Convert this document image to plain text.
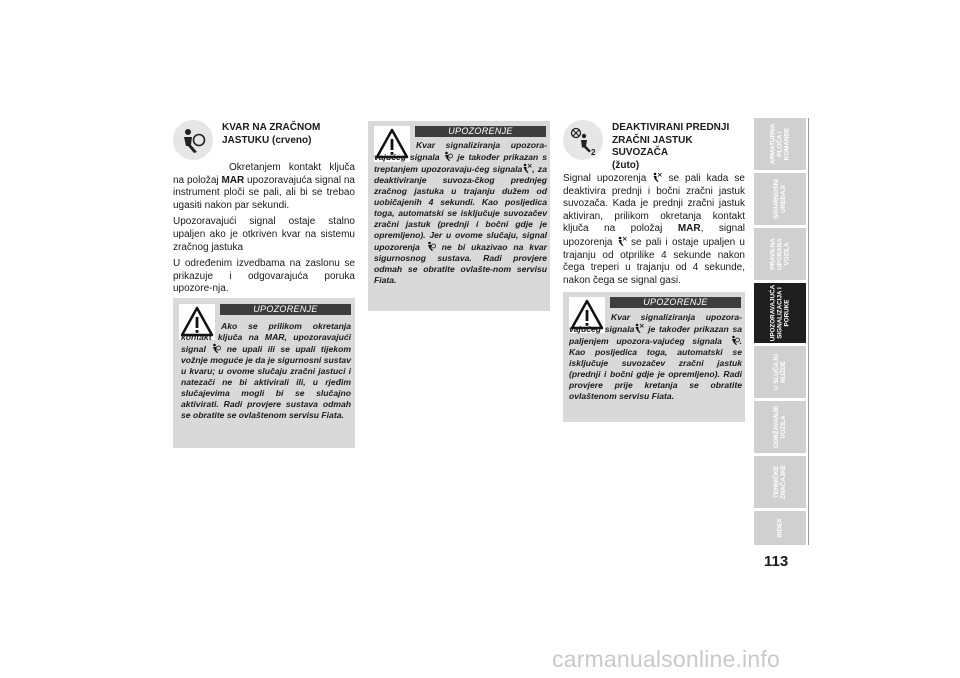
KVAR NA ZRAČNOM
JASTUKU (crveno)

Okretanjem kontakt ključa na položaj MAR upozoravajuća signal na instrument ploči se pali, ali bi se trebao ugasiti nakon par sekundi.

Upozoravajući signal ostaje stalno upaljen ako je otkriven kvar na sistemu zračnog jastuka

U određenim izvedbama na zaslonu se prikazuje i odgovarajuća poruka upozore-nja.

UPOZORENJE
Ako se prilikom okretanja kontakt ključa na MAR, upozoravajući signal  ne upali ili se upali tijekom vožnje moguće je da je sigurnosni sustav u kvaru; u ovome slučaju zračni jastuci i natezači ne bi aktivirali ili, u rjeđim slučajevima mogli bi se slučajno aktivirati. Radi provjere sustava odmah se obratite se ovlaštenom servisu Fiata.
UPOZORENJE
Kvar signaliziranja upozora-vajućeg signala  je također prikazan s treptanjem upozoravaju-ćeg signala , za deaktiviranje suvoza-čkog prednjeg zračnog jastuka u trajanju dužem od uobičajenih 4 sekundi. Kao posljedica toga, automatski se isključuje suvozačev zračni jastuk (prednji i bočni gdje je opremljeno). Jer u ovome slučaju, signal upozorenja  ne bi ukazivao na kvar sigurnosnog sustava. Radi provjere odmah se obratite ovlašte-nom servisu Fiata.
2
DEAKTIVIRANI PREDNJI
ZRAČNI JASTUK
SUVOZAČA
(žuto)

Signal upozorenja  se pali kada se deaktivira prednji i bočni zračni jastuk suvozača. Kada je prednji zračni jastuk aktiviran, prilikom okretanja kontakt ključa na položaj MAR, signal upozorenja  se pali i ostaje upaljen u trajanju od otprilike 4 sekunde nakon čega treperi u trajanju od 4 sekunde, nakon čega se signal gasi.

UPOZORENJE
Kvar signaliziranja upozora-vajućeg signala je također prikazan sa paljenjem upozora-vajućeg signala . Kao posljedica toga, automatski se isključuje suvozačev zračni jastuk (prednji i bočni gdje je opremljeno). Radi provjere prije kretanja se obratite ovlaštenom servisu Fiata.
ARMATURNA
PLOČA I
KOMANDE
SIGURNOSNI
UREĐAJI
PRAVILNA
UPORABA
VOZILA
UPOZORAVAJUĆA
SIGNALIZACIJA I
PORUKE
U SLUČAJU
NUŽDE
ODRŽAVANJE
VOZILA
TEHNIČKE
ZNAČAJKE
INDEX
113
carmanualsonline.info
